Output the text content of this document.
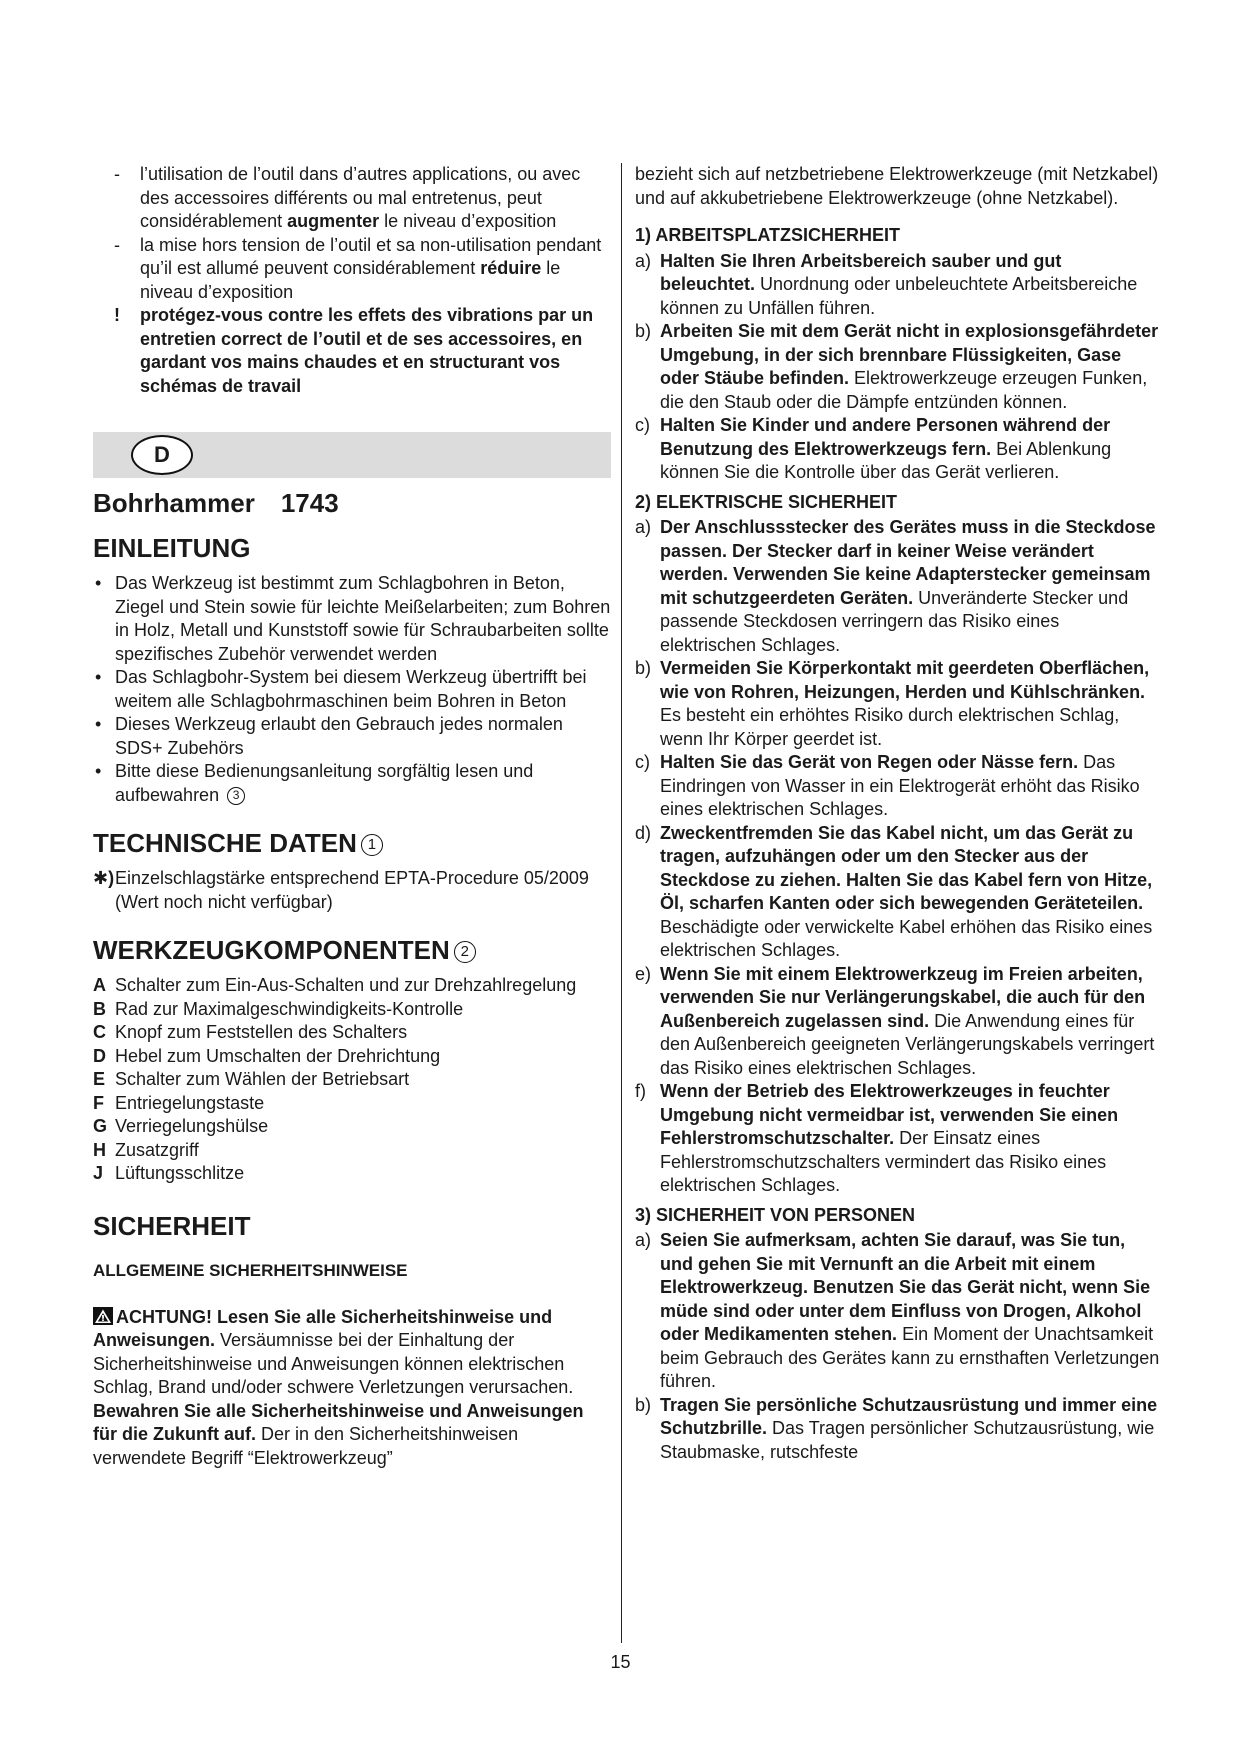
- l’utilisation de l’outil dans d’autres applications, ou avec des accessoires différents ou mal entretenus, peut considérablement augmenter le niveau d’exposition

- la mise hors tension de l’outil et sa non-utilisation pendant qu’il est allumé peuvent considérablement réduire le niveau d’exposition

! protégez-vous contre les effets des vibrations par un entretien correct de l’outil et de ses accessoires, en gardant vos mains chaudes et en structurant vos schémas de travail

D
Bohrhammer 1743
EINLEITUNG

• Das Werkzeug ist bestimmt zum Schlagbohren in Beton, Ziegel und Stein sowie für leichte Meißelarbeiten; zum Bohren in Holz, Metall und Kunststoff sowie für Schraubarbeiten sollte spezifisches Zubehör verwendet werden

• Das Schlagbohr-System bei diesem Werkzeug übertrifft bei weitem alle Schlagbohrmaschinen beim Bohren in Beton

• Dieses Werkzeug erlaubt den Gebrauch jedes normalen SDS+ Zubehörs

• Bitte diese Bedienungsanleitung sorgfältig lesen und aufbewahren 3

TECHNISCHE DATEN 1

✱) Einzelschlagstärke entsprechend EPTA-Procedure 05/2009 (Wert noch nicht verfügbar)

WERKZEUGKOMPONENTEN 2

A Schalter zum Ein-Aus-Schalten und zur Drehzahlregelung

B Rad zur Maximalgeschwindigkeits-Kontrolle

C Knopf zum Feststellen des Schalters

D Hebel zum Umschalten der Drehrichtung

E Schalter zum Wählen der Betriebsart

F Entriegelungstaste

G Verriegelungshülse

H Zusatzgriff

J Lüftungsschlitze

SICHERHEIT
ALLGEMEINE SICHERHEITSHINWEISE

ACHTUNG! Lesen Sie alle Sicherheitshinweise und Anweisungen. Versäumnisse bei der Einhaltung der Sicherheitshinweise und Anweisungen können elektrischen Schlag, Brand und/oder schwere Verletzungen verursachen. Bewahren Sie alle Sicherheitshinweise und Anweisungen für die Zukunft auf. Der in den Sicherheitshinweisen verwendete Begriff “Elektrowerkzeug”

bezieht sich auf netzbetriebene Elektrowerkzeuge (mit Netzkabel) und auf akkubetriebene Elektrowerkzeuge (ohne Netzkabel).

1) ARBEITSPLATZSICHERHEIT

a) Halten Sie Ihren Arbeitsbereich sauber und gut beleuchtet. Unordnung oder unbeleuchtete Arbeitsbereiche können zu Unfällen führen.

b) Arbeiten Sie mit dem Gerät nicht in explosionsgefährdeter Umgebung, in der sich brennbare Flüssigkeiten, Gase oder Stäube befinden. Elektrowerkzeuge erzeugen Funken, die den Staub oder die Dämpfe entzünden können.

c) Halten Sie Kinder und andere Personen während der Benutzung des Elektrowerkzeugs fern. Bei Ablenkung können Sie die Kontrolle über das Gerät verlieren.

2) ELEKTRISCHE SICHERHEIT

a) Der Anschlussstecker des Gerätes muss in die Steckdose passen. Der Stecker darf in keiner Weise verändert werden. Verwenden Sie keine Adapterstecker gemeinsam mit schutzgeerdeten Geräten. Unveränderte Stecker und passende Steckdosen verringern das Risiko eines elektrischen Schlages.

b) Vermeiden Sie Körperkontakt mit geerdeten Oberflächen, wie von Rohren, Heizungen, Herden und Kühlschränken. Es besteht ein erhöhtes Risiko durch elektrischen Schlag, wenn Ihr Körper geerdet ist.

c) Halten Sie das Gerät von Regen oder Nässe fern. Das Eindringen von Wasser in ein Elektrogerät erhöht das Risiko eines elektrischen Schlages.

d) Zweckentfremden Sie das Kabel nicht, um das Gerät zu tragen, aufzuhängen oder um den Stecker aus der Steckdose zu ziehen. Halten Sie das Kabel fern von Hitze, Öl, scharfen Kanten oder sich bewegenden Geräteteilen. Beschädigte oder verwickelte Kabel erhöhen das Risiko eines elektrischen Schlages.

e) Wenn Sie mit einem Elektrowerkzeug im Freien arbeiten, verwenden Sie nur Verlängerungskabel, die auch für den Außenbereich zugelassen sind. Die Anwendung eines für den Außenbereich geeigneten Verlängerungskabels verringert das Risiko eines elektrischen Schlages.

f) Wenn der Betrieb des Elektrowerkzeuges in feuchter Umgebung nicht vermeidbar ist, verwenden Sie einen Fehlerstromschutzschalter. Der Einsatz eines Fehlerstromschutzschalters vermindert das Risiko eines elektrischen Schlages.

3) SICHERHEIT VON PERSONEN

a) Seien Sie aufmerksam, achten Sie darauf, was Sie tun, und gehen Sie mit Vernunft an die Arbeit mit einem Elektrowerkzeug. Benutzen Sie das Gerät nicht, wenn Sie müde sind oder unter dem Einfluss von Drogen, Alkohol oder Medikamenten stehen. Ein Moment der Unachtsamkeit beim Gebrauch des Gerätes kann zu ernsthaften Verletzungen führen.

b) Tragen Sie persönliche Schutzausrüstung und immer eine Schutzbrille. Das Tragen persönlicher Schutzausrüstung, wie Staubmaske, rutschfeste

15
